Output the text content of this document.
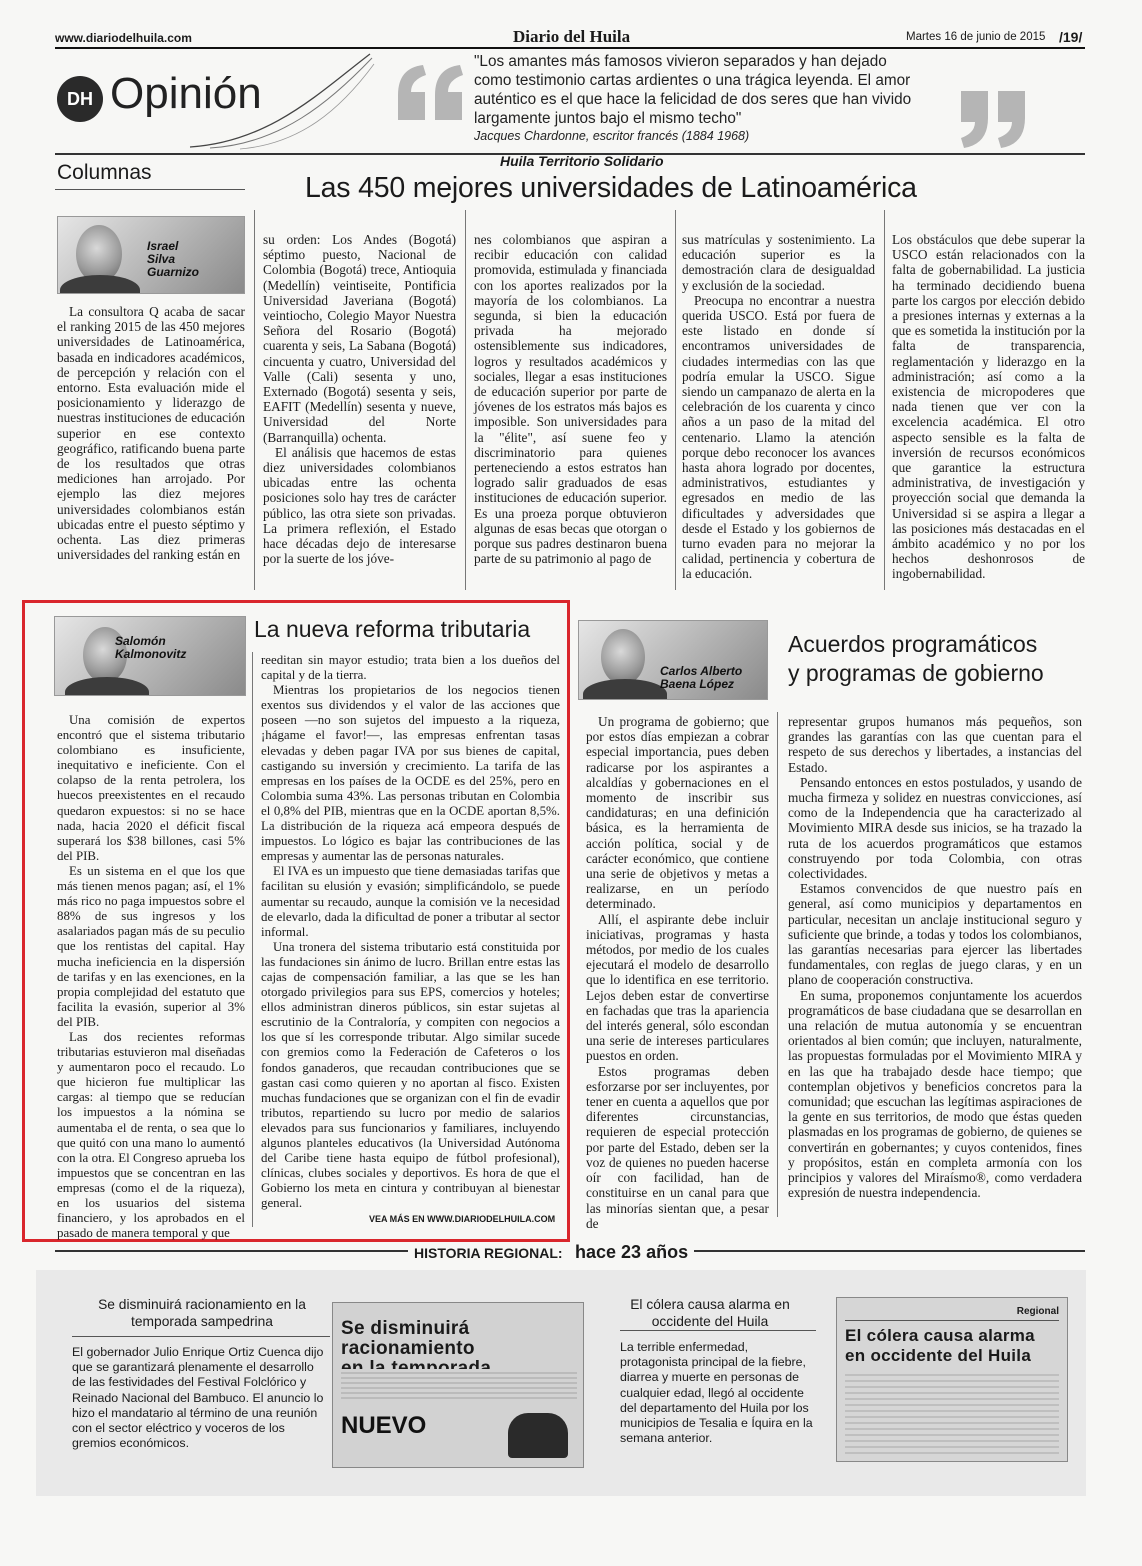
www.diariodelhuila.com	Diario del Huila	Martes 16 de junio de 2015 /19/
DH Opinión
"Los amantes más famosos vivieron separados y han dejado
como testimonio cartas ardientes o una trágica leyenda. El amor
auténtico es el que hace la felicidad de dos seres que han vivido
largamente juntos bajo el mismo techo"
Jacques Chardonne, escritor francés (1884 1968)
Columnas	Huila Territorio Solidario
Las 450 mejores universidades de Latinoamérica
Israel
Silva
Guarnizo

La consultora Q acaba de sacar el ranking 2015 de las 450 mejores universidades de Latinoamérica, basada en indicadores académicos, de percepción y relación con el entorno. Esta evaluación mide el posicionamiento y liderazgo de nuestras instituciones de educación superior en ese contexto geográfico, ratificando buena parte de los resultados que otras mediciones han arrojado. Por ejemplo las diez mejores universidades colombianos están ubicadas entre el puesto séptimo y ochenta. Las diez primeras universidades del ranking están en

su orden: Los Andes (Bogotá) séptimo puesto, Nacional de Colombia (Bogotá) trece, Antioquia (Medellín) veintiseite, Pontificia Universidad Javeriana (Bogotá) veintiocho, Colegio Mayor Nuestra Señora del Rosario (Bogotá) cuarenta y seis, La Sabana (Bogotá) cincuenta y cuatro, Universidad del Valle (Cali) sesenta y uno, Externado (Bogotá) sesenta y seis, EAFIT (Medellín) sesenta y nueve, Universidad del Norte (Barranquilla) ochenta.

El análisis que hacemos de estas diez universidades colombianos ubicadas entre las ochenta posiciones solo hay tres de carácter público, las otra siete son privadas. La primera reflexión, el Estado hace décadas dejo de interesarse por la suerte de los jóve-

nes colombianos que aspiran a recibir educación con calidad promovida, estimulada y financiada con los aportes realizados por la mayoría de los colombianos. La segunda, si bien la educación privada ha mejorado ostensiblemente sus indicadores, logros y resultados académicos y sociales, llegar a esas instituciones de educación superior por parte de jóvenes de los estratos más bajos es imposible. Son universidades para la "élite", así suene feo y discriminatorio para quienes perteneciendo a estos estratos han logrado salir graduados de esas instituciones de educación superior. Es una proeza porque obtuvieron algunas de esas becas que otorgan o porque sus padres destinaron buena parte de su patrimonio al pago de

sus matrículas y sostenimiento. La educación superior es la demostración clara de desigualdad y exclusión de la sociedad.

Preocupa no encontrar a nuestra querida USCO. Está por fuera de este listado en donde sí encontramos universidades de ciudades intermedias con las que podría emular la USCO. Sigue siendo un campanazo de alerta en la celebración de los cuarenta y cinco años a un paso de la mitad del centenario. Llamo la atención porque debo reconocer los avances hasta ahora logrado por docentes, administrativos, estudiantes y egresados en medio de las dificultades y adversidades que desde el Estado y los gobiernos de turno evaden para no mejorar la calidad, pertinencia y cobertura de la educación.

Los obstáculos que debe superar la USCO están relacionados con la falta de gobernabilidad. La justicia ha terminado decidiendo buena parte los cargos por elección debido a presiones internas y externas a la que es sometida la institución por la falta de transparencia, reglamentación y liderazgo en la administración; así como a la existencia de micropoderes que nada tienen que ver con la excelencia académica. El otro aspecto sensible es la falta de inversión de recursos económicos que garantice la estructura administrativa, de investigación y proyección social que demanda la Universidad si se aspira a llegar a las posiciones más destacadas en el ámbito académico y no por los hechos deshonrosos de ingobernabilidad.

Salomón
Kalmonovitz
La nueva reforma tributaria

Una comisión de expertos encontró que el sistema tributario colombiano es insuficiente, inequitativo e ineficiente. Con el colapso de la renta petrolera, los huecos preexistentes en el recaudo quedaron expuestos: si no se hace nada, hacia 2020 el déficit fiscal superará los $38 billones, casi 5% del PIB.

Es un sistema en el que los que más tienen menos pagan; así, el 1% más rico no paga impuestos sobre el 88% de sus ingresos y los asalariados pagan más de su peculio que los rentistas del capital. Hay mucha ineficiencia en la dispersión de tarifas y en las exenciones, en la propia complejidad del estatuto que facilita la evasión, superior al 3% del PIB.

Las dos recientes reformas tributarias estuvieron mal diseñadas y aumentaron poco el recaudo. Lo que hicieron fue multiplicar las cargas: al tiempo que se reducían los impuestos a la nómina se aumentaba el de renta, o sea que lo que quitó con una mano lo aumentó con la otra. El Congreso aprueba los impuestos que se concentran en las empresas (como el de la riqueza), en los usuarios del sistema financiero, y los aprobados en el pasado de manera temporal y que

reeditan sin mayor estudio; trata bien a los dueños del capital y de la tierra.

Mientras los propietarios de los negocios tienen exentos sus dividendos y el valor de las acciones que poseen —no son sujetos del impuesto a la riqueza, ¡hágame el favor!—, las empresas enfrentan tasas elevadas y deben pagar IVA por sus bienes de capital, castigando su inversión y crecimiento. La tarifa de las empresas en los países de la OCDE es del 25%, pero en Colombia suma 43%. Las personas tributan en Colombia el 0,8% del PIB, mientras que en la OCDE aportan 8,5%. La distribución de la riqueza acá empeora después de impuestos. Lo lógico es bajar las contribuciones de las empresas y aumentar las de personas naturales.

El IVA es un impuesto que tiene demasiadas tarifas que facilitan su elusión y evasión; simplificándolo, se puede aumentar su recaudo, aunque la comisión ve la necesidad de elevarlo, dada la dificultad de poner a tributar al sector informal.

Una tronera del sistema tributario está constituida por las fundaciones sin ánimo de lucro. Brillan entre estas las cajas de compensación familiar, a las que se les han otorgado privilegios para sus EPS, comercios y hoteles; ellos administran dineros públicos, sin estar sujetas al escrutinio de la Contraloría, y compiten con negocios a los que sí les corresponde tributar. Algo similar sucede con gremios como la Federación de Cafeteros o los fondos ganaderos, que recaudan contribuciones que se gastan casi como quieren y no aportan al fisco. Existen muchas fundaciones que se organizan con el fin de evadir tributos, repartiendo su lucro por medio de salarios elevados para sus funcionarios y familiares, incluyendo algunos planteles educativos (la Universidad Autónoma del Caribe tiene hasta equipo de fútbol profesional), clínicas, clubes sociales y deportivos. Es hora de que el Gobierno los meta en cintura y contribuyan al bienestar general.

VEA MÁS EN WWW.DIARIODELHUILA.COM
Carlos Alberto
Baena López
Acuerdos programáticos
y programas de gobierno

Un programa de gobierno; que por estos días empiezan a cobrar especial importancia, pues deben radicarse por los aspirantes a alcaldías y gobernaciones en el momento de inscribir sus candidaturas; en una definición básica, es la herramienta de acción política, social y de carácter económico, que contiene una serie de objetivos y metas a realizarse, en un período determinado.

Allí, el aspirante debe incluir iniciativas, programas y hasta métodos, por medio de los cuales ejecutará el modelo de desarrollo que lo identifica en ese territorio. Lejos deben estar de convertirse en fachadas que tras la apariencia del interés general, sólo escondan una serie de intereses particulares puestos en orden.

Estos programas deben esforzarse por ser incluyentes, por tener en cuenta a aquellos que por diferentes circunstancias, requieren de especial protección por parte del Estado, deben ser la voz de quienes no pueden hacerse oír con facilidad, han de constituirse en un canal para que las minorías sientan que, a pesar de

representar grupos humanos más pequeños, son grandes las garantías con las que cuentan para el respeto de sus derechos y libertades, a instancias del Estado.

Pensando entonces en estos postulados, y usando de mucha firmeza y solidez en nuestras convicciones, así como de la Independencia que ha caracterizado al Movimiento MIRA desde sus inicios, se ha trazado la ruta de los acuerdos programáticos que estamos construyendo por toda Colombia, con otras colectividades.

Estamos convencidos de que nuestro país en general, así como municipios y departamentos en particular, necesitan un anclaje institucional seguro y suficiente que brinde, a todas y todos los colombianos, las garantías necesarias para ejercer las libertades fundamentales, con reglas de juego claras, y en un plano de cooperación constructiva.

En suma, proponemos conjuntamente los acuerdos programáticos de base ciudadana que se desarrollan en una relación de mutua autonomía y se encuentran orientados al bien común; que incluyen, naturalmente, las propuestas formuladas por el Movimiento MIRA y en las que ha trabajado desde hace tiempo; que contemplan objetivos y beneficios concretos para la comunidad; que escuchan las legítimas aspiraciones de la gente en sus territorios, de modo que éstas queden plasmadas en los programas de gobierno, de quienes se convertirán en gobernantes; y cuyos contenidos, fines y propósitos, están en completa armonía con los principios y valores del Miraísmo®, como verdadera expresión de nuestra independencia.

HISTORIA REGIONAL: hace 23 años
Se disminuirá racionamiento en la
temporada sampedrina
El gobernador Julio Enrique Ortiz Cuenca dijo que se garantizará plenamente el desarrollo de las festividades del Festival Folclórico y Reinado Nacional del Bambuco. El anuncio lo hizo el mandatario al término de una reunión con el sector eléctrico y voceros de los gremios económicos.
Se disminuirá racionamiento
NUEVO
El cólera causa alarma en
occidente del Huila
La terrible enfermedad, protagonista principal de la fiebre, diarrea y muerte en personas de cualquier edad, llegó al occidente del departamento del Huila por los municipios de Tesalia e Íquira en la semana anterior.
Regional
El cólera causa alarma
en occidente del Huila
